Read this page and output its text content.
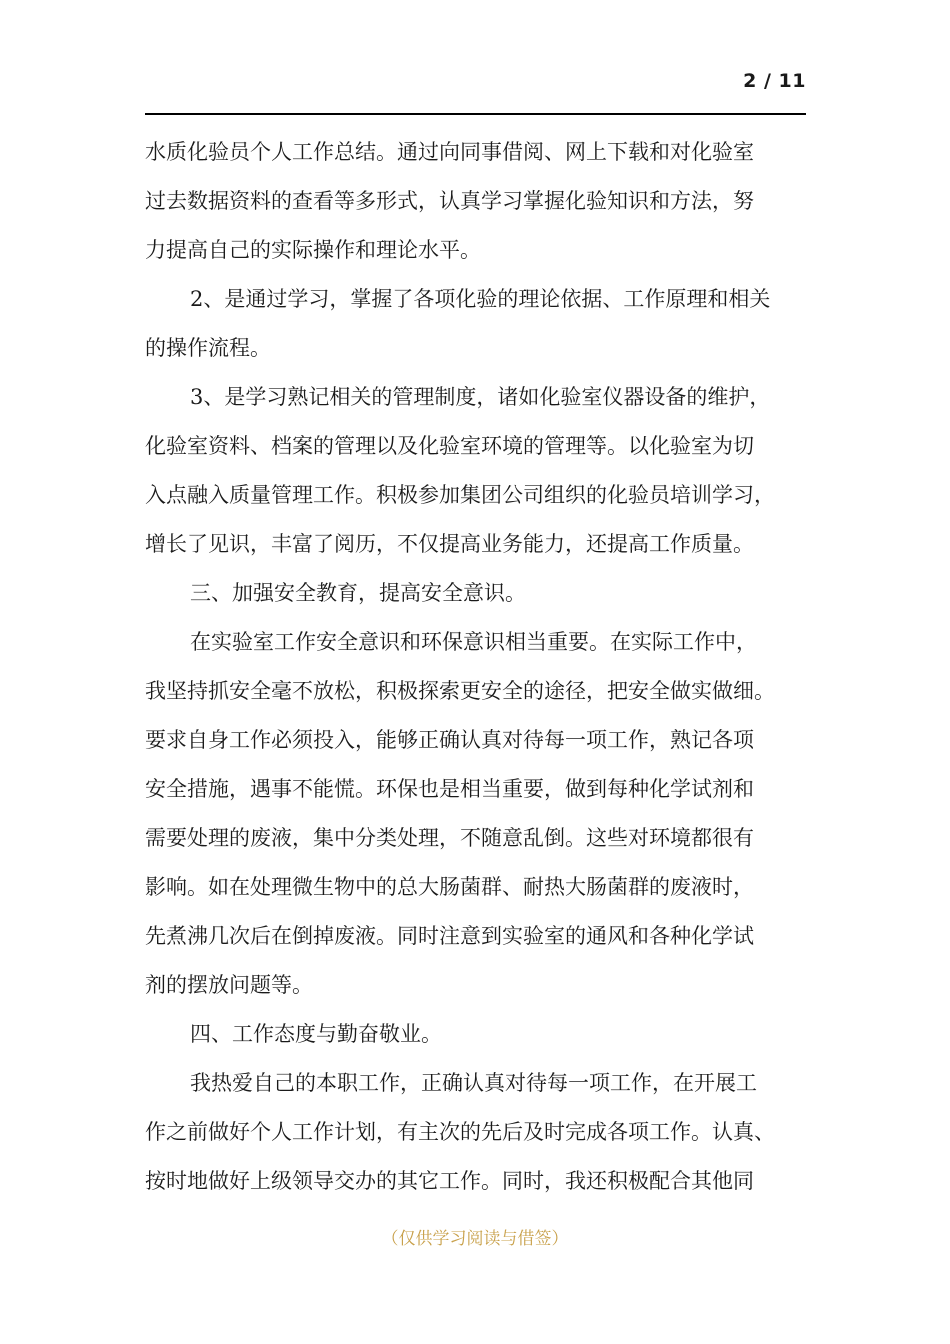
2 / 11
水质化验员个人工作总结。通过向同事借阅、网上下载和对化验室
过去数据资料的查看等多形式，认真学习掌握化验知识和方法，努
力提高自己的实际操作和理论水平。
2、是通过学习，掌握了各项化验的理论依据、工作原理和相关
的操作流程。
3、是学习熟记相关的管理制度，诸如化验室仪器设备的维护，
化验室资料、档案的管理以及化验室环境的管理等。以化验室为切
入点融入质量管理工作。积极参加集团公司组织的化验员培训学习，
增长了见识，丰富了阅历，不仅提高业务能力，还提高工作质量。
三、加强安全教育，提高安全意识。
在实验室工作安全意识和环保意识相当重要。在实际工作中，
我坚持抓安全毫不放松，积极探索更安全的途径，把安全做实做细。
要求自身工作必须投入，能够正确认真对待每一项工作，熟记各项
安全措施，遇事不能慌。环保也是相当重要，做到每种化学试剂和
需要处理的废液，集中分类处理，不随意乱倒。这些对环境都很有
影响。如在处理微生物中的总大肠菌群、耐热大肠菌群的废液时，
先煮沸几次后在倒掉废液。同时注意到实验室的通风和各种化学试
剂的摆放问题等。
四、工作态度与勤奋敬业。
我热爱自己的本职工作，正确认真对待每一项工作，在开展工
作之前做好个人工作计划，有主次的先后及时完成各项工作。认真、
按时地做好上级领导交办的其它工作。同时，我还积极配合其他同
（仅供学习阅读与借签）
